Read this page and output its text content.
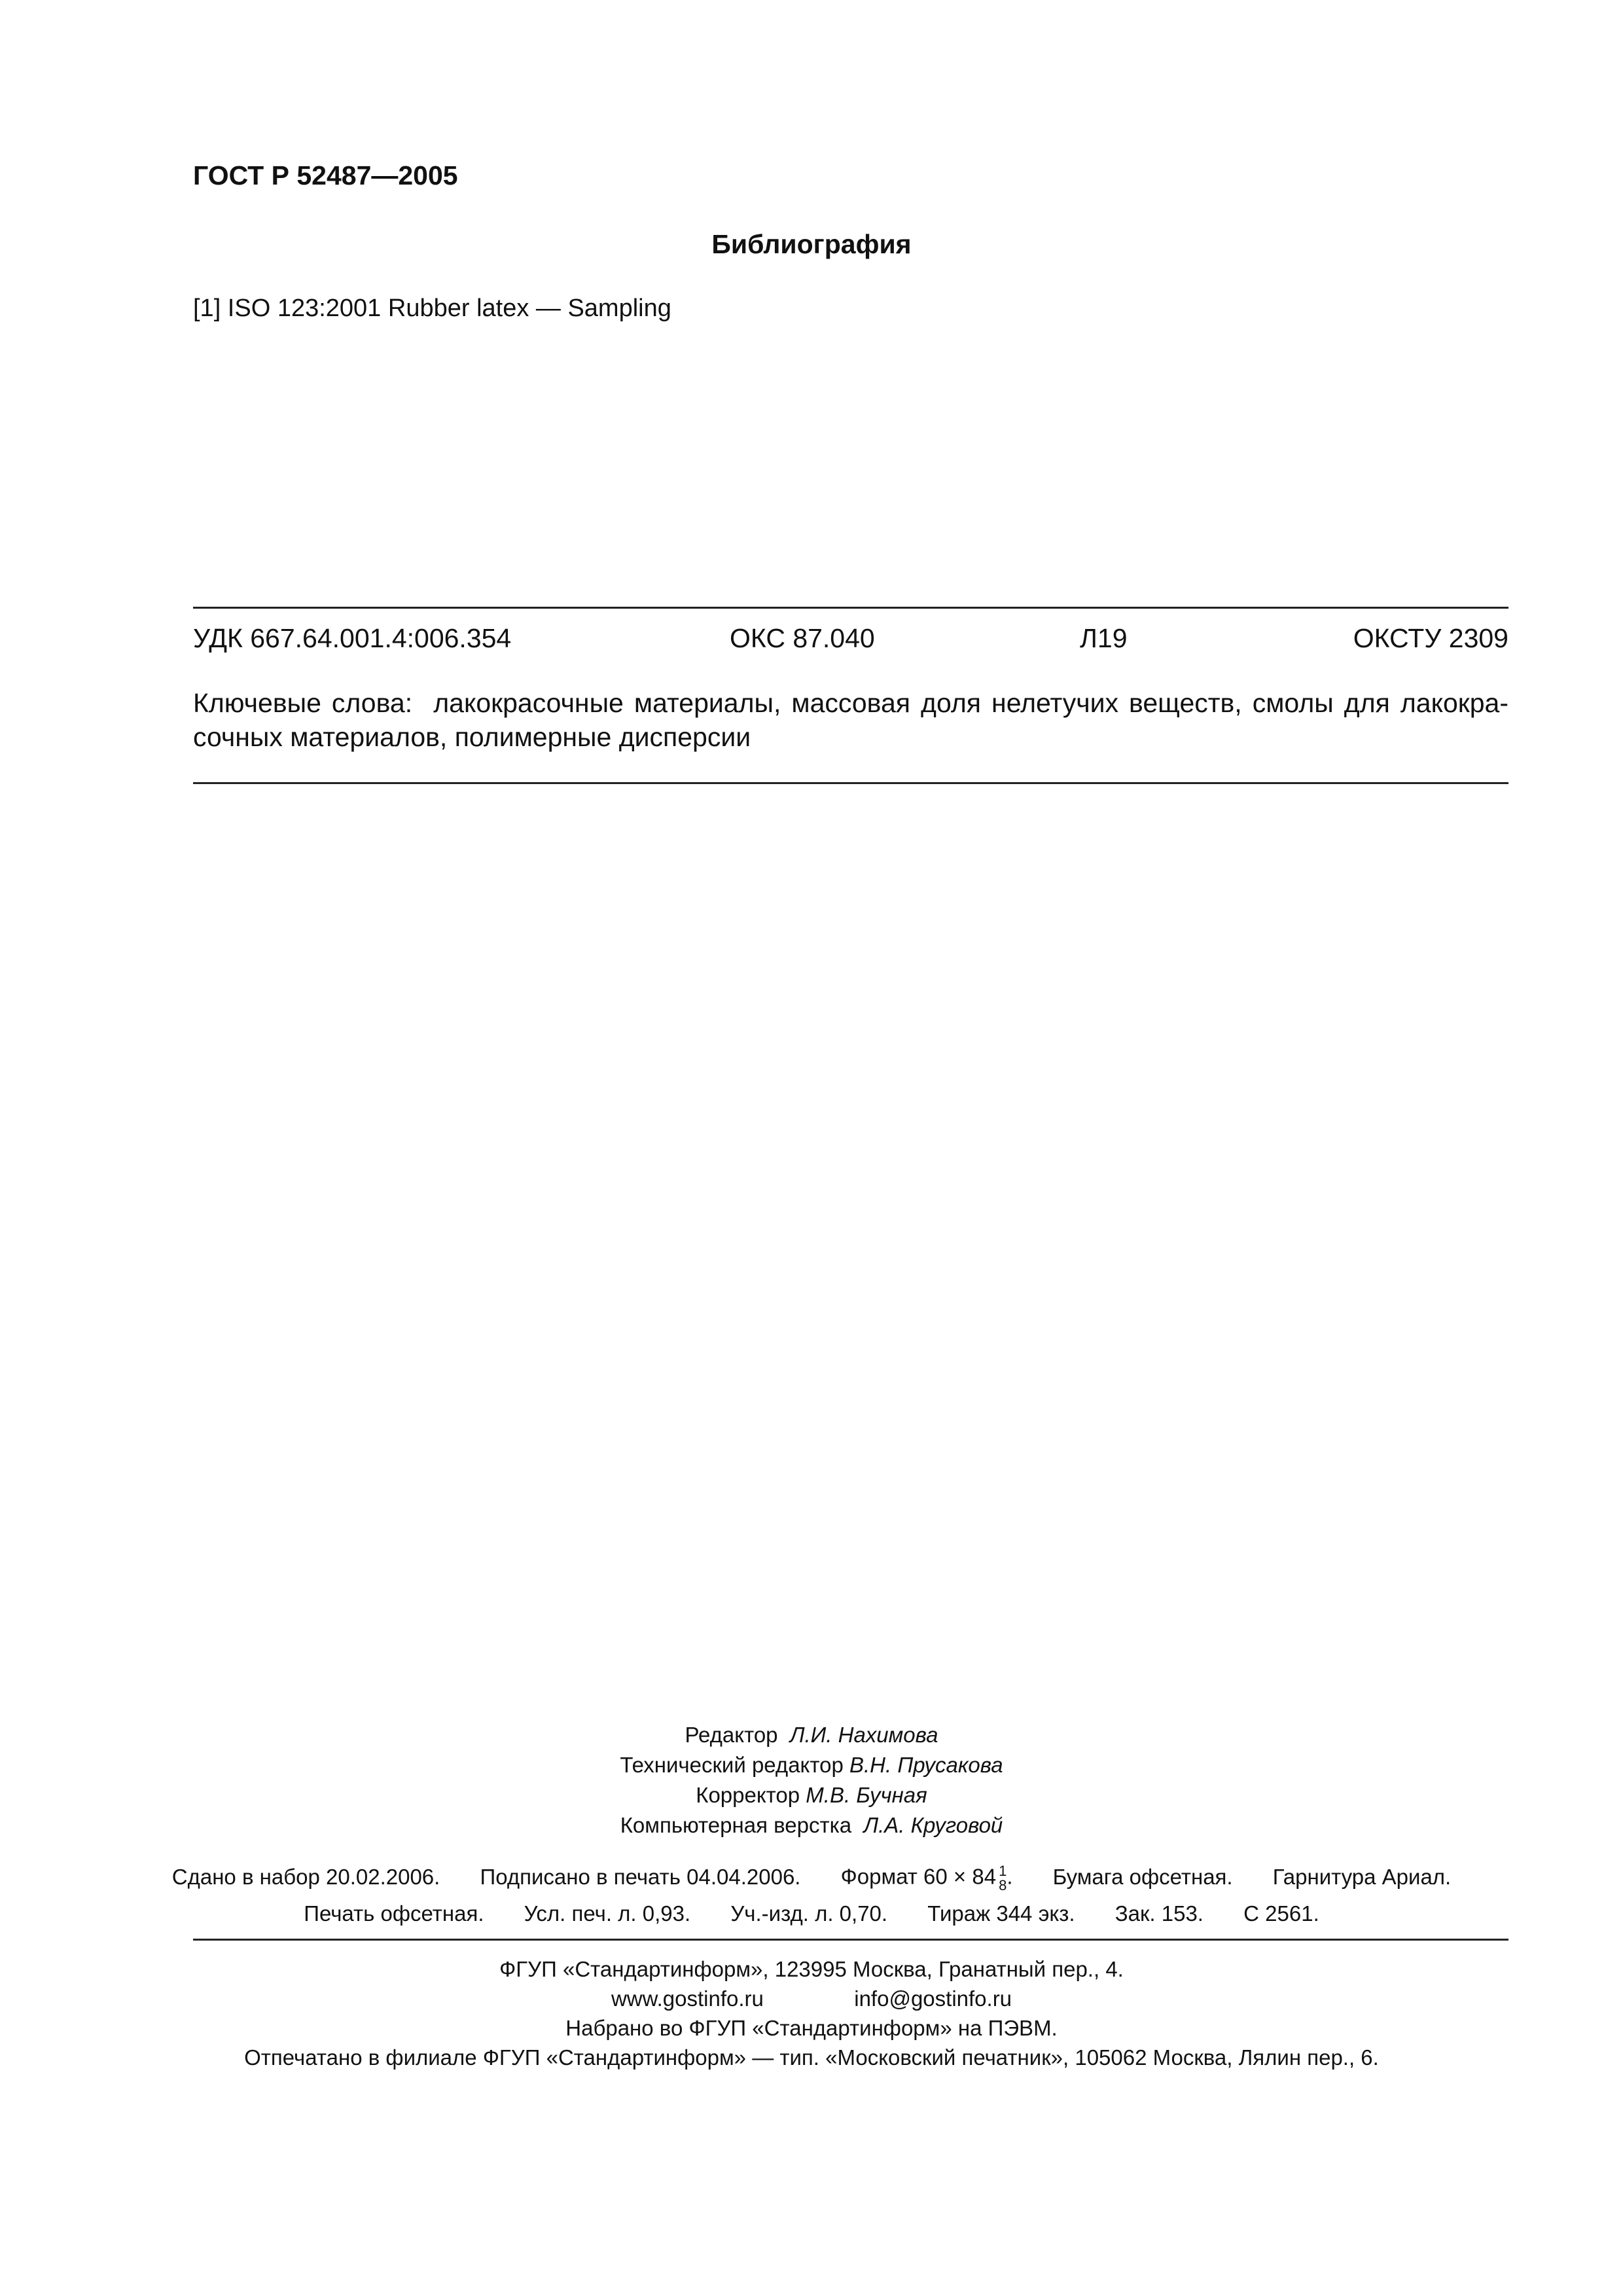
ГОСТ Р 52487—2005
Библиография
[1] ISO 123:2001 Rubber latex — Sampling
УДК 667.64.001.4:006.354	ОКС 87.040	Л19	ОКСТУ 2309
Ключевые слова: лакокрасочные материалы, массовая доля нелетучих веществ, смолы для лакокра-сочных материалов, полимерные дисперсии
Редактор Л.И. Нахимова
Технический редактор В.Н. Прусакова
Корректор М.В. Бучная
Компьютерная верстка Л.А. Круговой
Сдано в набор 20.02.2006. Подписано в печать 04.04.2006. Формат 60 × 84 1
8 . Бумага офсетная. Гарнитура Ариал.
Печать офсетная. Усл. печ. л. 0,93. Уч.-изд. л. 0,70. Тираж 344 экз. Зак. 153. С 2561.
ФГУП «Стандартинформ», 123995 Москва, Гранатный пер., 4.
www.gostinfo.ru	info@gostinfo.ru
Набрано во ФГУП «Стандартинформ» на ПЭВМ.
Отпечатано в филиале ФГУП «Стандартинформ» — тип. «Московский печатник», 105062 Москва, Лялин пер., 6.
